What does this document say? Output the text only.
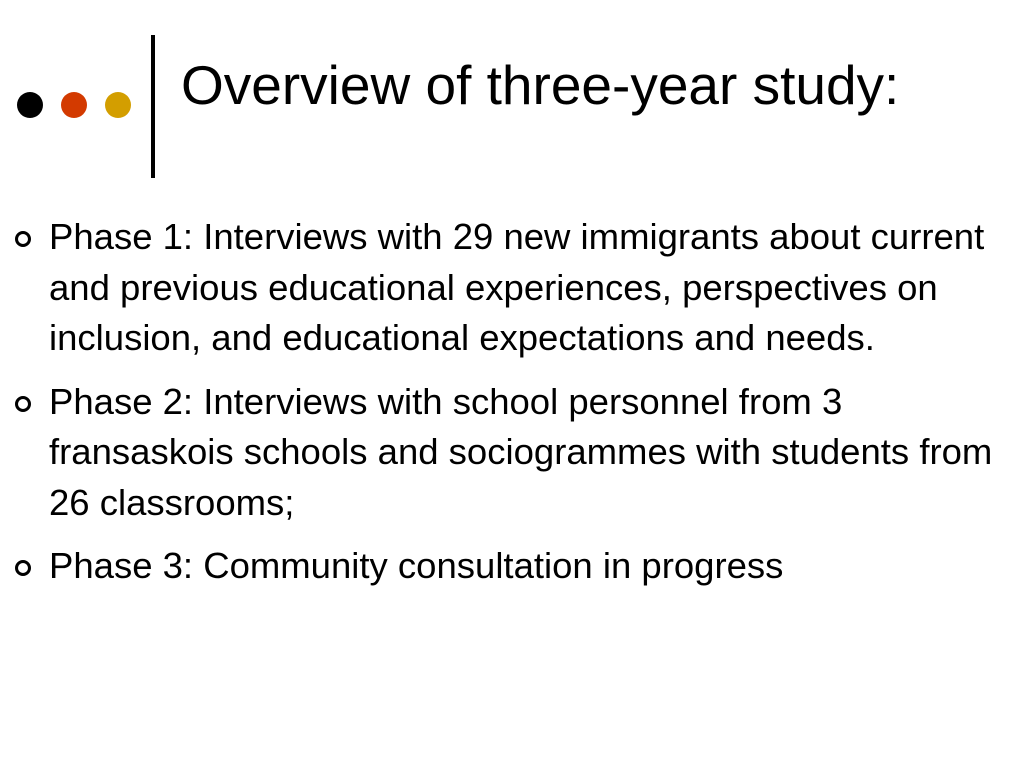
Overview of three-year study:
Phase 1: Interviews with 29 new immigrants about current and previous educational experiences, perspectives on inclusion, and educational expectations and needs.
Phase 2: Interviews with school personnel from 3 fransaskois schools and sociogrammes with students from 26 classrooms;
Phase 3: Community consultation in progress
